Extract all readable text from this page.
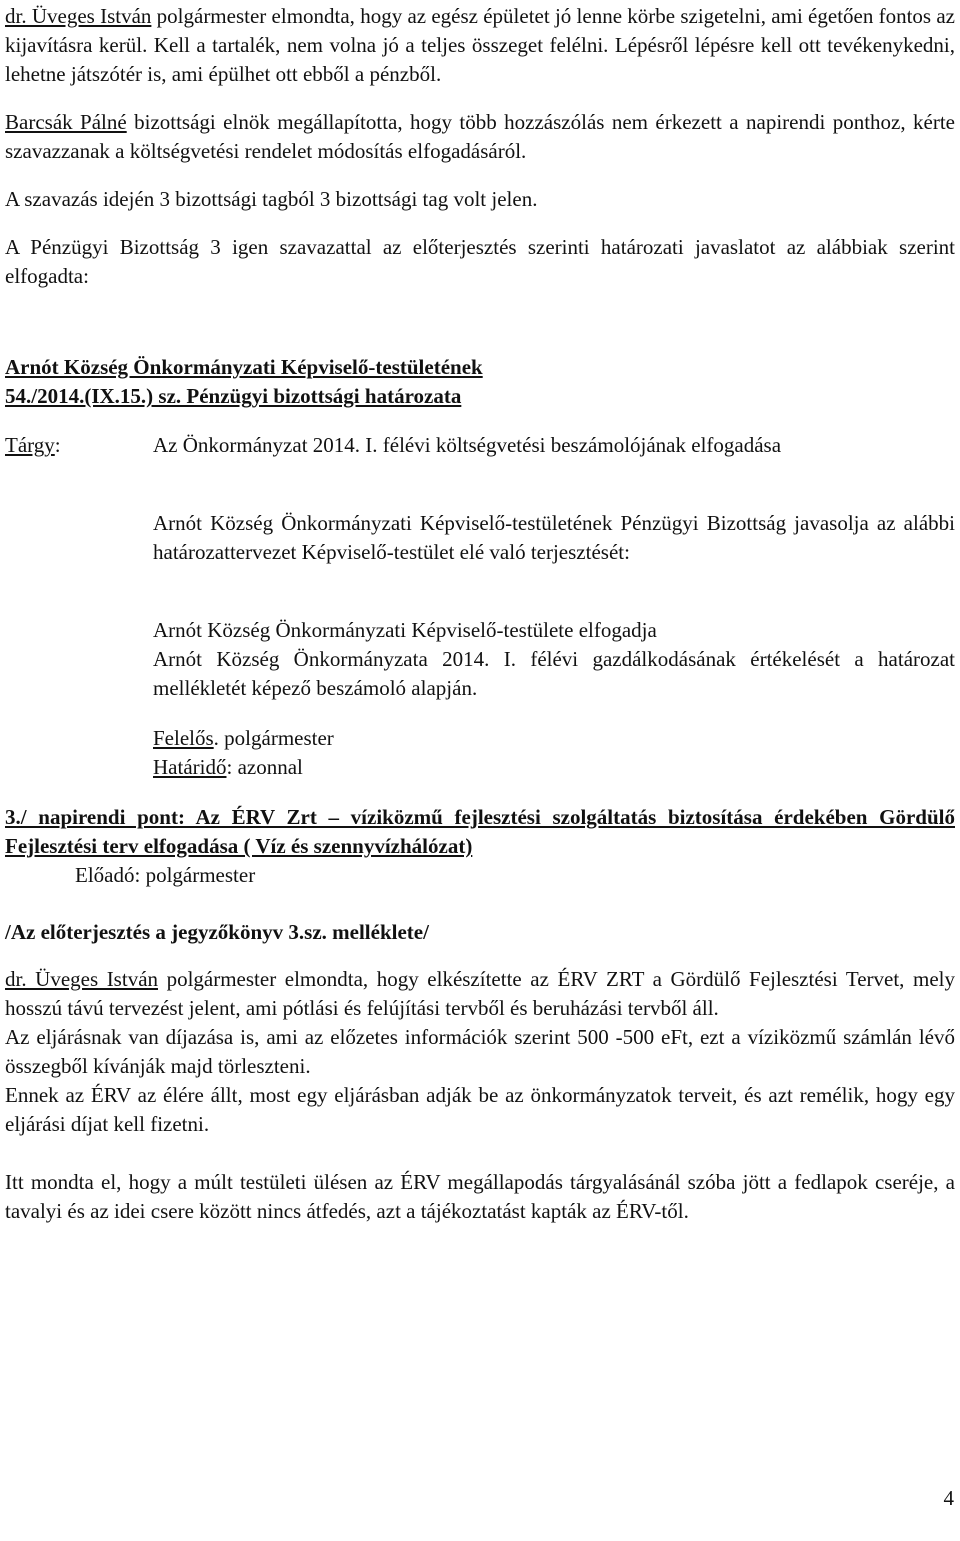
dr. Üveges István polgármester elmondta, hogy az egész épületet jó lenne körbe szigetelni, ami égetően fontos az kijavításra kerül. Kell a tartalék, nem volna jó a teljes összeget felélni. Lépésről lépésre kell ott tevékenykedni, lehetne játszótér is, ami épülhet ott ebből a pénzből.

Barcsák Pálné bizottsági elnök megállapította, hogy több hozzászólás nem érkezett a napirendi ponthoz, kérte szavazzanak a költségvetési rendelet módosítás elfogadásáról.

A szavazás idején 3 bizottsági tagból 3 bizottsági tag volt jelen.

A Pénzügyi Bizottság 3 igen szavazattal az előterjesztés szerinti határozati javaslatot az alábbiak szerint elfogadta:

Arnót Község Önkormányzati Képviselő-testületének
54./2014.(IX.15.) sz. Pénzügyi bizottsági határozata
Tárgy:	Az Önkormányzat 2014. I. félévi költségvetési beszámolójának elfogadása

Arnót Község Önkormányzati Képviselő-testületének Pénzügyi Bizottság javasolja az alábbi határozattervezet Képviselő-testület elé való terjesztését:

Arnót Község Önkormányzati Képviselő-testülete elfogadja

Arnót Község Önkormányzata 2014. I. félévi gazdálkodásának értékelését a határozat mellékletét képező beszámoló alapján.

Felelős. polgármester
Határidő: azonnal

3./ napirendi pont: Az ÉRV Zrt – víziközmű fejlesztési szolgáltatás biztosítása érdekében Gördülő Fejlesztési terv elfogadása ( Víz és szennyvízhálózat)

Előadó: polgármester
/Az előterjesztés a jegyzőkönyv 3.sz. melléklete/

dr. Üveges István polgármester elmondta, hogy elkészítette az ÉRV ZRT a Gördülő Fejlesztési Tervet, mely hosszú távú tervezést jelent, ami pótlási és felújítási tervből és beruházási tervből áll.

Az eljárásnak van díjazása is, ami az előzetes információk szerint 500 -500 eFt, ezt a víziközmű számlán lévő összegből kívánják majd törleszteni.

Ennek az ÉRV az élére állt, most egy eljárásban adják be az önkormányzatok terveit, és azt remélik, hogy egy eljárási díjat kell fizetni.

Itt mondta el, hogy a múlt testületi ülésen az ÉRV megállapodás tárgyalásánál szóba jött a fedlapok cseréje, a tavalyi és az idei csere között nincs átfedés, azt a tájékoztatást kapták az ÉRV-től.

4
